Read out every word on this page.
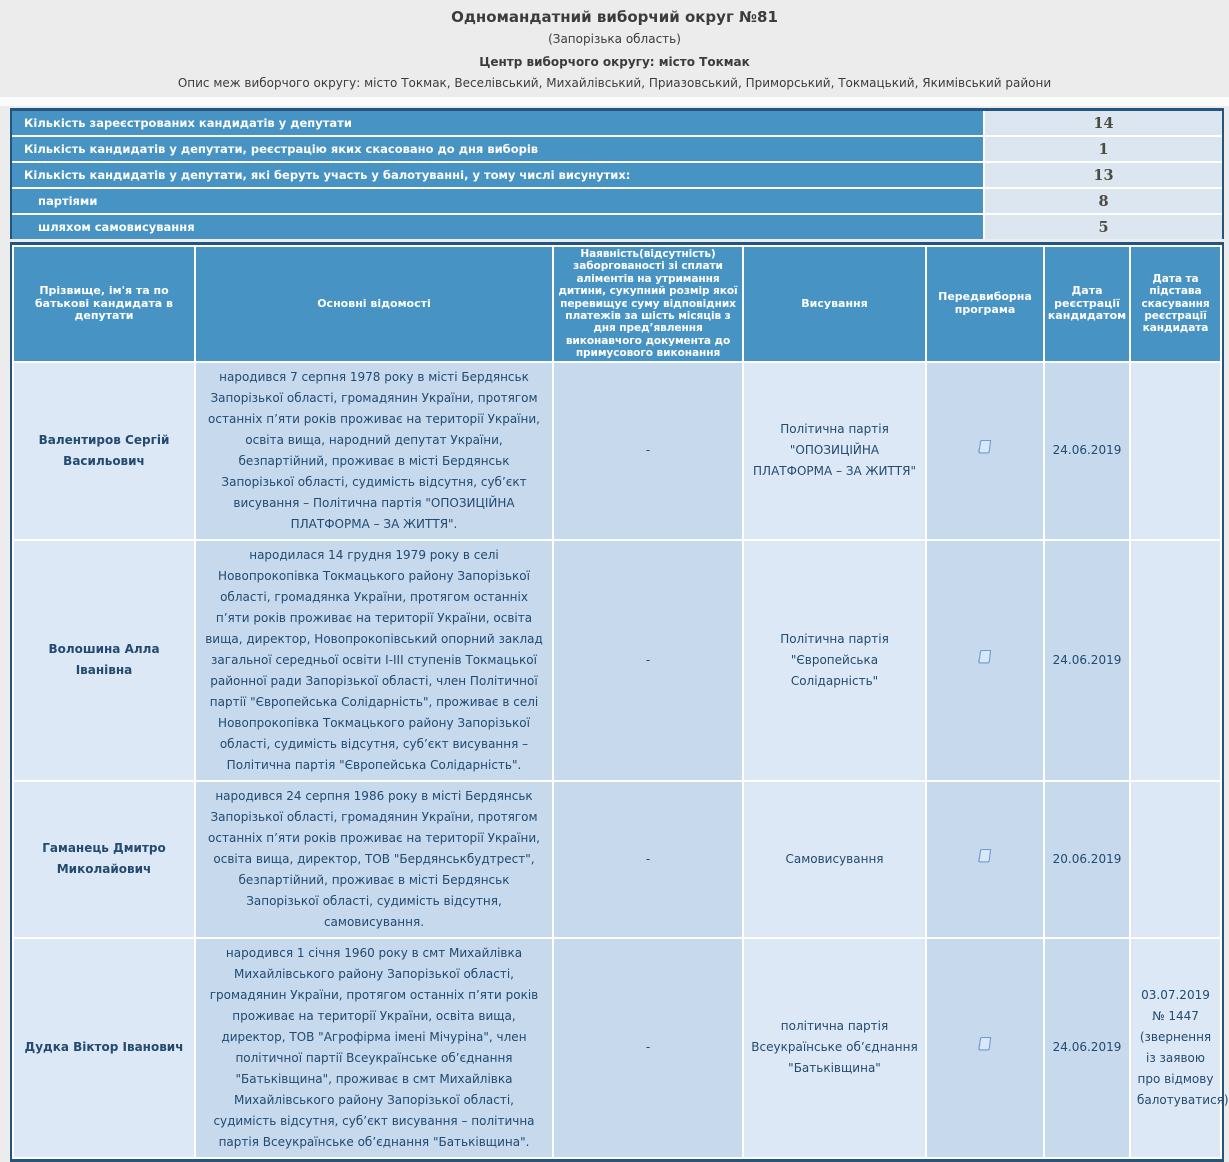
Одномандатний виборчий округ №81
(Запорізька область)
Центр виборчого округу: місто Токмак
Опис меж виборчого округу: місто Токмак, Веселівський, Михайлівський, Приазовський, Приморський, Токмацький, Якимівський райони
Кількість зареєстрованих кандидатів у депутати	14
Кількість кандидатів у депутати, реєстрацію яких скасовано до дня виборів	1
Кількість кандидатів у депутати, які беруть участь у балотуванні, у тому числі висунутих:	13
партіями	8
шляхом самовисування	5
Прізвище, ім'я та по батькові кандидата в депутати	Основні відомості	Наявність(відсутність) заборгованості зі сплати аліментів на утримання дитини, сукупний розмір якої перевищує суму відповідних платежів за шість місяців з дня пред’явлення виконавчого документа до примусового виконання	Висування	Передвиборна програма	Дата реєстрації кандидатом	Дата та підстава скасування реєстрації кандидата
Валентиров Сергій Васильович	народився 7 серпня 1978 року в місті Бердянськ Запорізької області, громадянин України, протягом останніх п’яти років проживає на території України, освіта вища, народний депутат України, безпартійний, проживає в місті Бердянськ Запорізької області, судимість відсутня, суб’єкт висування – Політична партія "ОПОЗИЦІЙНА ПЛАТФОРМА – ЗА ЖИТТЯ".	-	Політична партія "ОПОЗИЦІЙНА ПЛАТФОРМА – ЗА ЖИТТЯ"		24.06.2019	
Волошина Алла Іванівна	народилася 14 грудня 1979 року в селі Новопрокопівка Токмацького району Запорізької області, громадянка України, протягом останніх п’яти років проживає на території України, освіта вища, директор, Новопрокопівський опорний заклад загальної середньої освіти І-ІІІ ступенів Токмацької районної ради Запорізької області, член Політичної партії "Європейська Солідарність", проживає в селі Новопрокопівка Токмацького району Запорізької області, судимість відсутня, суб’єкт висування – Політична партія "Європейська Солідарність".	-	Політична партія "Європейська Солідарність"		24.06.2019	
Гаманець Дмитро Миколайович	народився 24 серпня 1986 року в місті Бердянськ Запорізької області, громадянин України, протягом останніх п’яти років проживає на території України, освіта вища, директор, ТОВ "Бердянськбудтрест", безпартійний, проживає в місті Бердянськ Запорізької області, судимість відсутня, самовисування.	-	Самовисування		20.06.2019	
Дудка Віктор Іванович	народився 1 січня 1960 року в смт Михайлівка Михайлівського району Запорізької області, громадянин України, протягом останніх п’яти років проживає на території України, освіта вища, директор, ТОВ "Агрофірма імені Мічуріна", член політичної партії Всеукраїнське об’єднання "Батьківщина", проживає в смт Михайлівка Михайлівського району Запорізької області, судимість відсутня, суб’єкт висування – політична партія Всеукраїнське об’єднання "Батьківщина".	-	політична партія Всеукраїнське об’єднання "Батьківщина"		24.06.2019	03.07.2019 № 1447 (звернення із заявою про відмову балотуватися)
